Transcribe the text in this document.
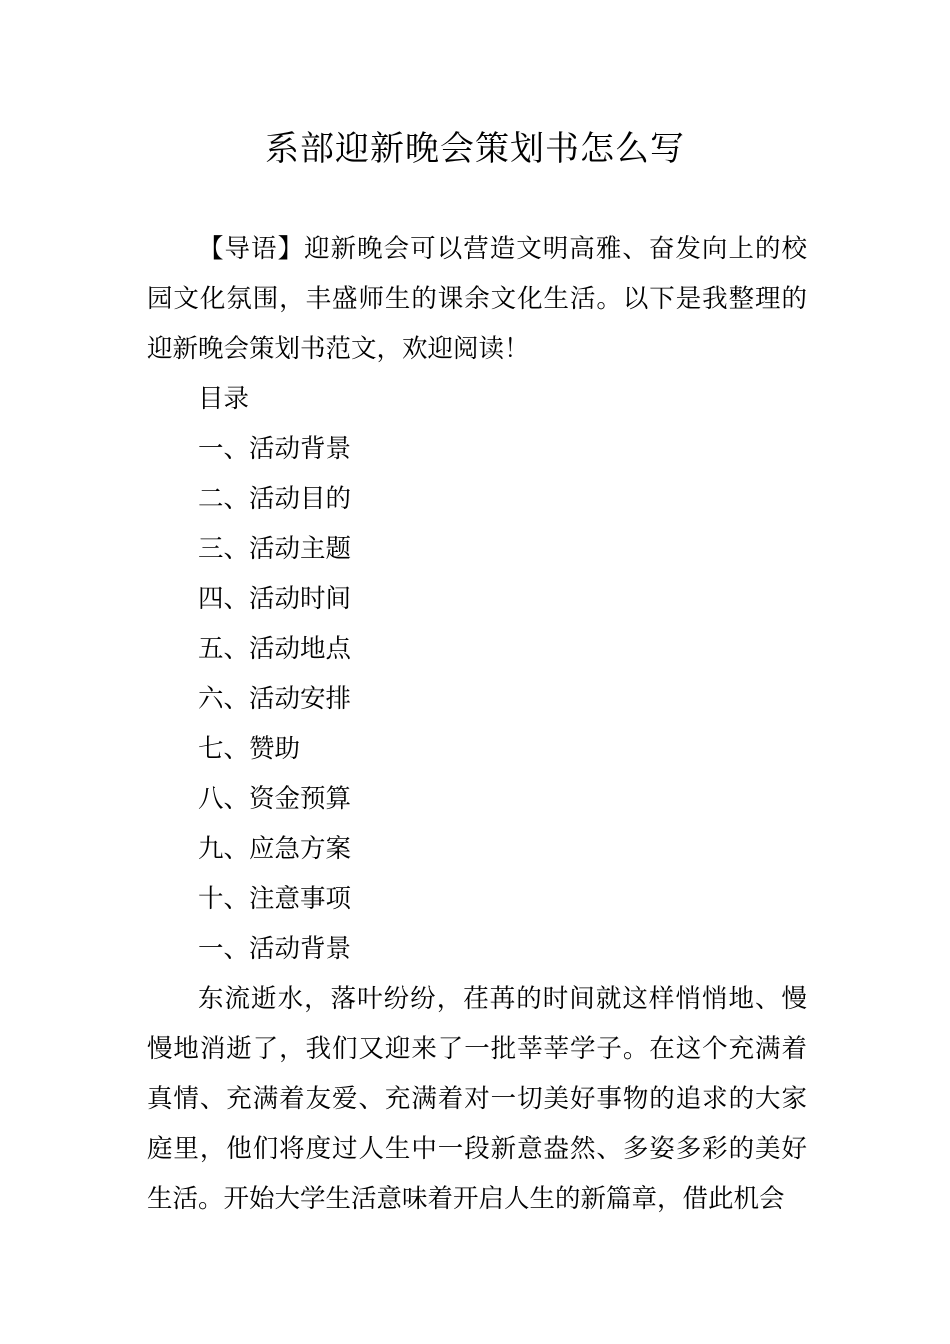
系部迎新晚会策划书怎么写

【导语】迎新晚会可以营造文明高雅、奋发向上的校园文化氛围，丰盛师生的课余文化生活。以下是我整理的迎新晚会策划书范文，欢迎阅读！

目录

一、活动背景

二、活动目的

三、活动主题

四、活动时间

五、活动地点

六、活动安排

七、赞助

八、资金预算

九、应急方案

十、注意事项

一、活动背景

东流逝水，落叶纷纷，荏苒的时间就这样悄悄地、慢慢地消逝了，我们又迎来了一批莘莘学子。在这个充满着真情、充满着友爱、充满着对一切美好事物的追求的大家庭里，他们将度过人生中一段新意盎然、多姿多彩的美好生活。开始大学生活意味着开启人生的新篇章，借此机会
